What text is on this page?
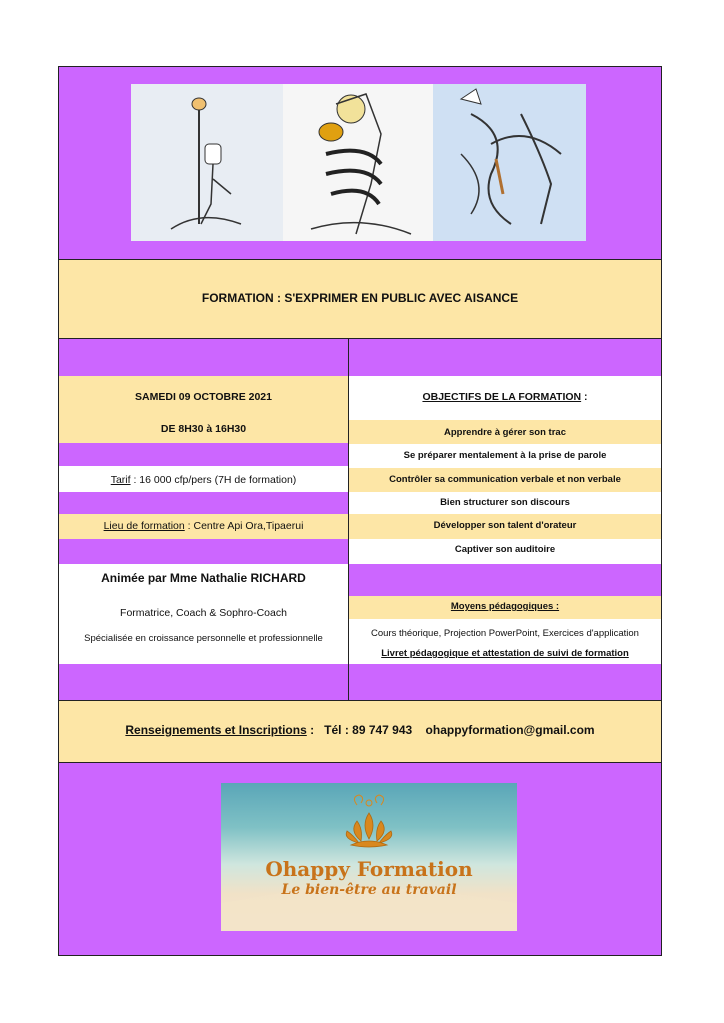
FORMATION : S'EXPRIMER EN PUBLIC AVEC AISANCE
SAMEDI 09 OCTOBRE 2021
DE 8H30 à 16H30
Tarif : 16 000 cfp/pers (7H de formation)
Lieu de formation : Centre Api Ora,Tipaerui
Animée par Mme Nathalie RICHARD
Formatrice, Coach & Sophro-Coach
Spécialisée en croissance personnelle et professionnelle
OBJECTIFS DE LA FORMATION :
Apprendre à gérer son trac
Se préparer mentalement à la prise de parole
Contrôler sa communication verbale et non verbale
Bien structurer son discours
Développer son talent d'orateur
Captiver son auditoire
Moyens pédagogiques :
Cours théorique, Projection PowerPoint, Exercices d'application
Livret pédagogique et attestation de suivi de formation
Renseignements et Inscriptions : Tél : 89 747 943 ohappyformation@gmail.com
Ohappy Formation
Le bien-être au travail
